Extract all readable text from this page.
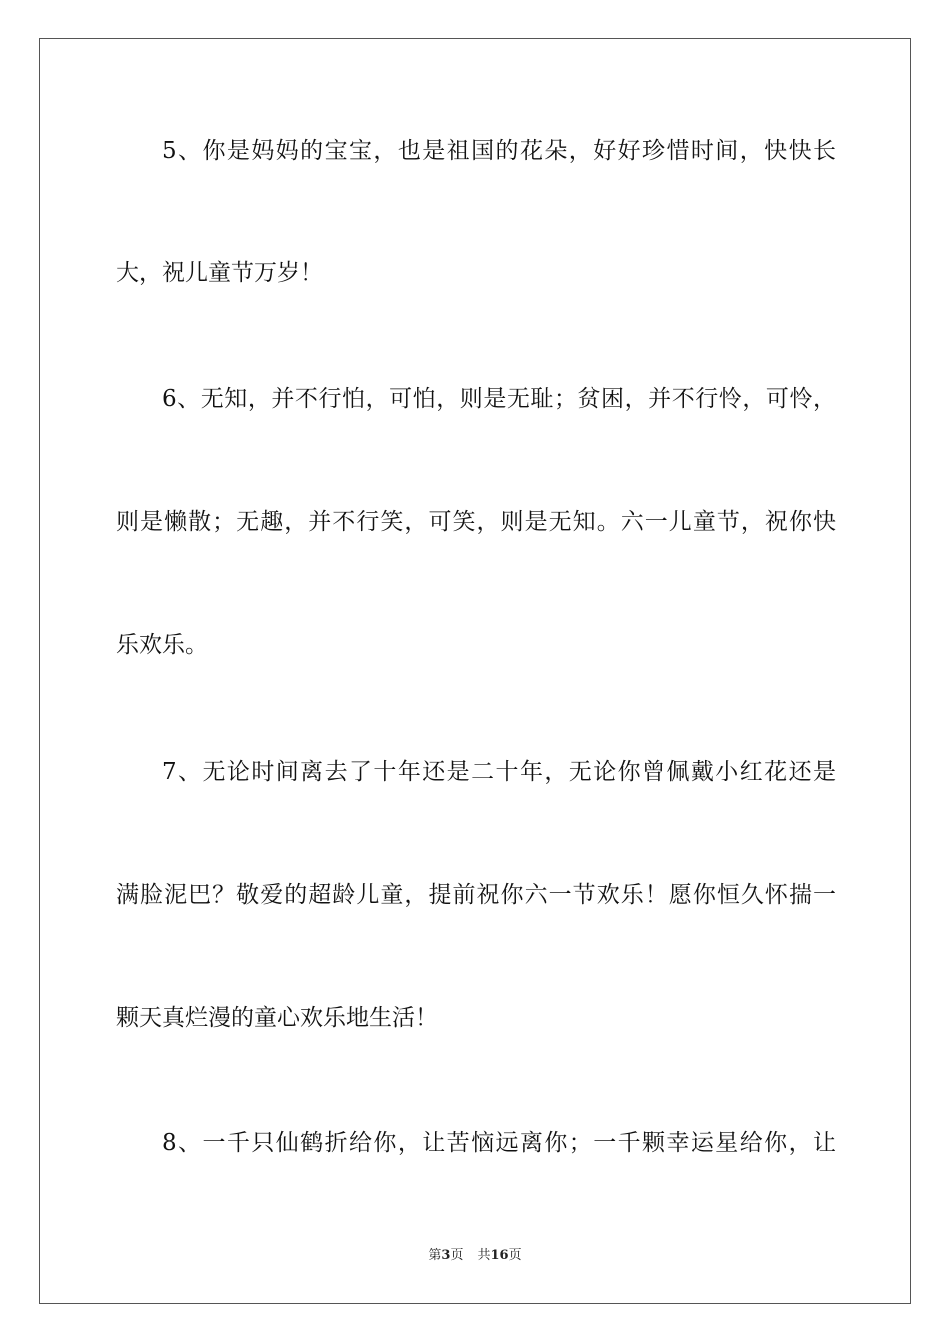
5、你是妈妈的宝宝，也是祖国的花朵，好好珍惜时间，快快长
大，祝儿童节万岁！
6、无知，并不行怕，可怕，则是无耻；贫困，并不行怜，可怜，
则是懒散；无趣，并不行笑，可笑，则是无知。六一儿童节，祝你快
乐欢乐。
7、无论时间离去了十年还是二十年，无论你曾佩戴小红花还是
满脸泥巴？敬爱的超龄儿童，提前祝你六一节欢乐！愿你恒久怀揣一
颗天真烂漫的童心欢乐地生活！
8、一千只仙鹤折给你，让苦恼远离你；一千颗幸运星给你，让
第3页 共16页
